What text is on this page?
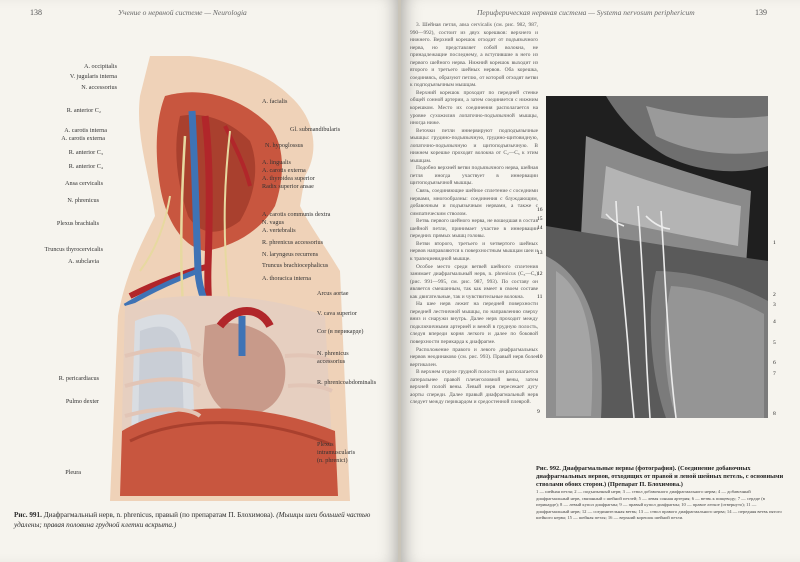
138	Учение о нервной системе — Neurologia
A. occipitalis
V. jugularis interna
N. accessorius
R. anterior C₂
A. carotis interna
A. carotis externa
R. anterior C₃
R. anterior C₄
Ansa cervicalis
N. phrenicus
Plexus brachialis
Truncus thyrocervicalis
A. subclavia
R. pericardiacus
Pulmo dexter
Pleura
A. facialis
Gl. submandibularis
N. hypoglossus
A. lingualis
A. carotis externa
A. thyroidea superior
Radix superior ansae
A. carotis communis dextra
N. vagus
A. vertebralis
R. phrenicus accessorius
N. laryngeus recurrens
Truncus brachiocephalicus
A. thoracica interna
Arcus aortae
V. cava superior
Cor (в перикарде)
N. phrenicus
accessorius
R. phrenicoabdominalis
Plexus
intramuscularis
(n. phrenici)
Рис. 991. Диафрагмальный нерв, n. phrenicus, правый (по препаратам П. Блохимова). (Мышцы шеи большей частью удалены; правая половина грудной клетки вскрыта.)
Периферическая нервная система — Systema nervosum periphericum	139

3. Шейная петля, ansa cervicalis (см. рис. 982, 987, 990—992), состоит из двух корешков: верхнего и нижнего. Верхний корешок отходит от подъязычного нерва, но представляет собой волокна, не принадлежащие последнему, а вступившие в него из первого шейного нерва. Нижний корешок выходит из второго и третьего шейных нервов. Оба корешка, соединяясь, образуют петлю, от которой отходят ветви к подподъязычным мышцам.

Верхний корешок проходит по передней стенке общей сонной артерии, а затем соединяется с нижним корешком. Место их соединения располагается на уровне сухожилия лопаточно-подъязычной мышцы, иногда ниже.

Веточки петли иннервируют подподъязычные мышцы: грудино-подъязычную, грудино-щитовидную, лопаточно-подъязычную и щитоподъязычную. В нижнем корешке проходят волокна от C₂—C₃ к этим мышцам.

Подобно верхней ветви подъязычного нерва, шейная петля иногда участвует в иннервации щитоподъязычной мышцы.

Связь, соединяющие шейное сплетение с соседними нервами, многообразны: соединения с блуждающим, добавочным и подъязычным нервами, а также с симпатическим стволом.

Ветвь первого шейного нерва, не вошедшая в состав шейной петли, принимает участие в иннервации передних прямых мышц головы.

Ветви второго, третьего и четвертого шейных нервов направляются к поверхностным мышцам шеи и к трапециевидной мышце.

Особое место среди ветвей шейного сплетения занимает диафрагмальный нерв, n. phrenicus (C₃—C₅) (рис. 991—995, см. рис. 987, 993). По составу он является смешанным, так как имеет в своем составе как двигательные, так и чувствительные волокна.

На шее нерв лежит на передней поверхности передней лестничной мышцы, по направлению сверху вниз и снаружи внутрь. Далее нерв проходит между подключичными артерией и веной в грудную полость, следуя впереди корня легкого и далее по боковой поверхности перикарда к диафрагме.

Расположение правого и левого диафрагмальных нервов неодинаково (см. рис. 993). Правый нерв более вертикален.

В верхнем отделе грудной полости он располагается латеральнее правой плечеголовной вены, затем верхней полой вены. Левый нерв пересекает дугу аорты спереди. Далее правый диафрагмальный нерв следует между перикардом и средостенной плеврой.

16
15
14
13
12
11
10
9
1
2
3
4
5
6
7
8
Рис. 992. Диафрагмальные нервы (фотография). (Соединение добавочных диафрагмальных нервов, отходящих от правой и левой шейных петель, с основными стволами обоих сторон.) (Препарат П. Блохимова.)
1 — шейная петля; 2 — подъязычный нерв; 3 — ствол добавочного диафрагмального нерва; 4 — добавочный диафрагмальный нерв, связанный с шейной петлей; 5 — левая сонная артерия; 6 — ветвь к пищеводу; 7 — сердце (в перикарде); 8 — левый купол диафрагмы; 9 — правый купол диафрагмы; 10 — правое легкое (отвернуто); 11 — диафрагмальный нерв; 12 — соединительная ветвь; 13 — ствол правого диафрагмального нерва; 14 — передняя ветвь пятого шейного нерва; 15 — шейная петля; 16 — верхний корешок шейной петли.
